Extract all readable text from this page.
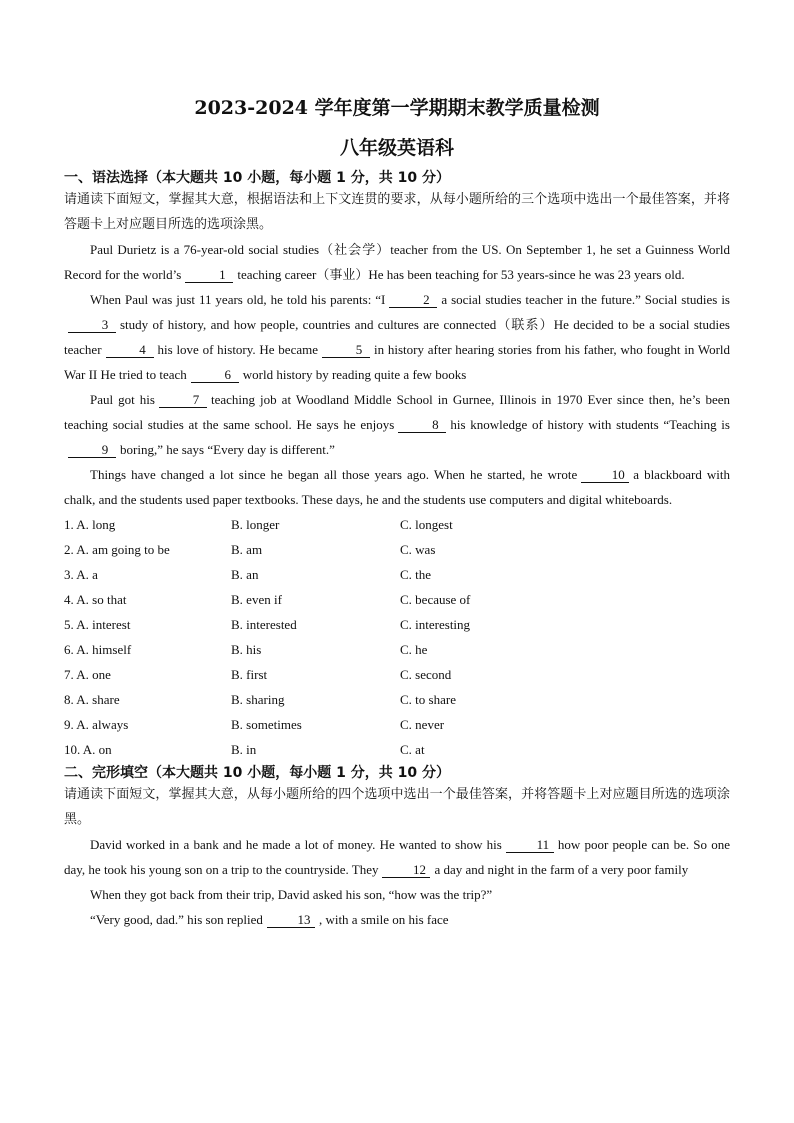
2023-2024 学年度第一学期期末教学质量检测
八年级英语科
一、语法选择（本大题共 10 小题，每小题 1 分，共 10 分）
请通读下面短文，掌握其大意，根据语法和上下文连贯的要求，从每小题所给的三个选项中选出一个最佳答案，并将答题卡上对应题目所选的选项涂黑。
Paul Durietz is a 76-year-old social studies（社会学）teacher from the US. On September 1, he set a Guinness World Record for the world’s	1 teaching career（事业）He has been teaching for 53 years-since he was 23 years old.
When Paul was just 11 years old, he told his parents: “I	2 a social studies teacher in the future.” Social studies is3 study of history, and how people, countries and cultures are connected（联系）He decided to be a social studies teacher	4 his love of history. He became	5 in history after hearing stories from his father, who fought in World War II He tried to teach	6 world history by reading quite a few books
Paul got his	7 teaching job at Woodland Middle School in Gurnee, Illinois in 1970 Ever since then, he’s been teaching social studies at the same school. He says he enjoys	8 his knowledge of history with students “Teaching is9 boring,” he says “Every day is different.”
Things have changed a lot since he began all those years ago. When he started, he wrote	10 a blackboard with chalk, and the students used paper textbooks. These days, he and the students use computers and digital whiteboards.
1. A. long	B. longer	C. longest
2. A. am going to be	B. am	C. was
3. A. a	B. an	C. the
4. A. so that	B. even if	C. because of
5. A. interest	B. interested	C. interesting
6. A. himself	B. his	C. he
7. A. one	B. first	C. second
8. A. share	B. sharing	C. to share
9. A. always	B. sometimes	C. never
10. A. on	B. in	C. at
二、完形填空（本大题共 10 小题，每小题 1 分，共 10 分）
请通读下面短文，掌握其大意，从每小题所给的四个选项中选出一个最佳答案，并将答题卡上对应题目所选的选项涂黑。
David worked in a bank and he made a lot of money. He wanted to show his	11 how poor people can be. So one day, he took his young son on a trip to the countryside. They	12 a day and night in the farm of a very poor family
When they got back from their trip, David asked his son, “how was the trip?”
“Very good, dad.” his son replied	13 , with a smile on his face
